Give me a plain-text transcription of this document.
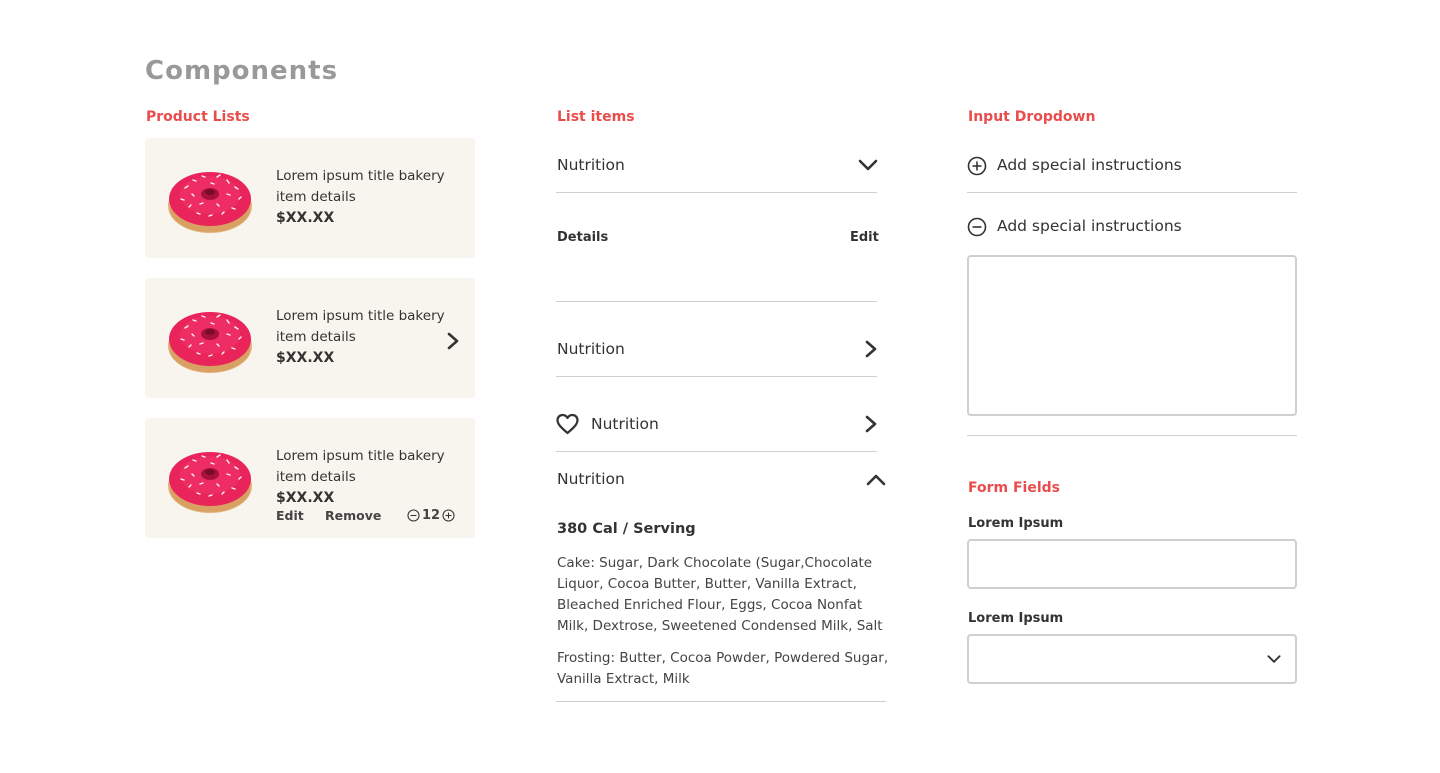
Components
Product Lists	List items	Input Dropdown
Form Fields
Lorem ipsum title bakery item details
$XX.XX
Lorem ipsum title bakery item details
$XX.XX
Lorem ipsum title bakery item details
$XX.XX
Edit Remove	12
Nutrition
Details	Edit
Nutrition
Nutrition
Nutrition
380 Cal / Serving
Cake: Sugar, Dark Chocolate (Sugar,Chocolate Liquor, Cocoa Butter, Butter, Vanilla Extract, Bleached Enriched Flour, Eggs, Cocoa Nonfat Milk, Dextrose, Sweetened Condensed Milk, Salt
Frosting: Butter, Cocoa Powder, Powdered Sugar, Vanilla Extract, Milk
Add special instructions
Add special instructions
Lorem Ipsum
Lorem Ipsum
